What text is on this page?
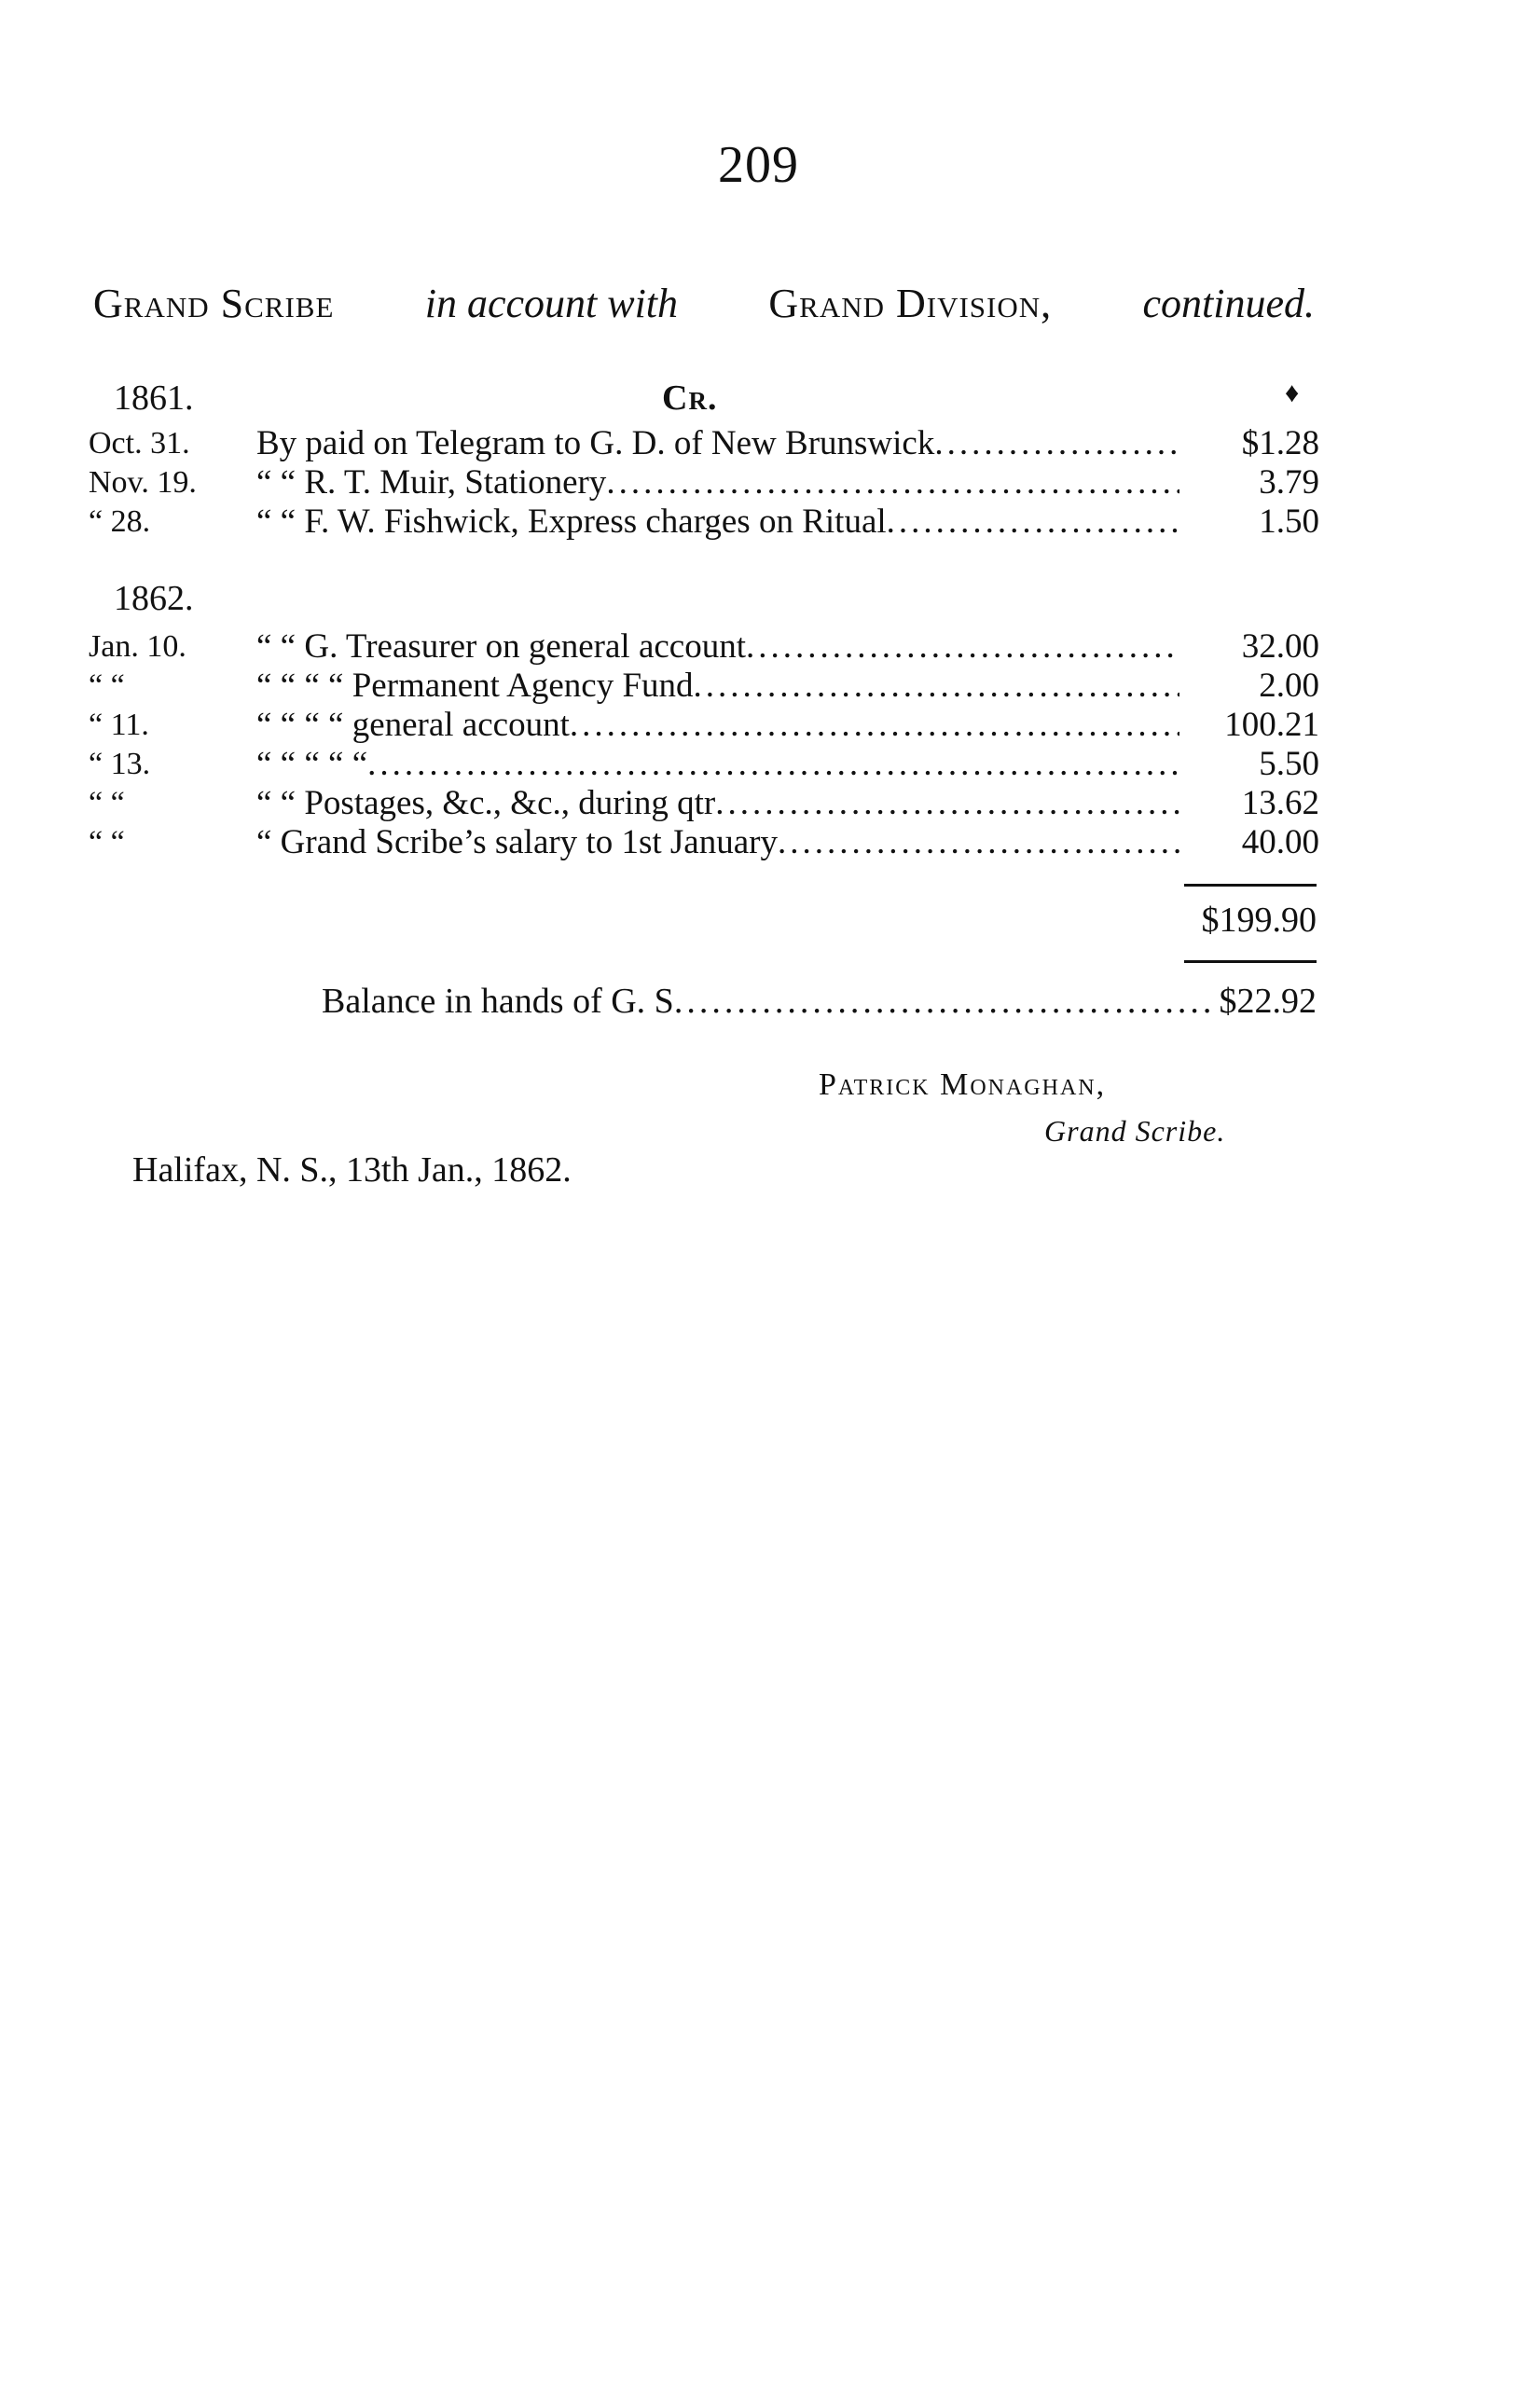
209
Grand Scribe in account with Grand Division, continued.
1861.	Cr.	♦
Oct. 31.	By paid on Telegram to G. D. of New Brunswick .....	$1.28
Nov. 19.	“ “ R. T. Muir, Stationery .....	3.79
“ 28.	“ “ F. W. Fishwick, Express charges on Ritual .....	1.50
1862.
Jan. 10.	“ “ G. Treasurer on general account .....	32.00
“ “	“ “ “ “ Permanent Agency Fund .....	2.00
“ 11.	“ “ “ “ general account .....	100.21
“ 13.	“ “ “ “ “ .....	5.50
“ “	“ “ Postages, &c., &c., during qtr .....	13.62
“ “	“ Grand Scribe’s salary to 1st January .....	40.00
$199.90
Balance in hands of G. S .....	$22.92
Patrick Monaghan,
Grand Scribe.
Halifax, N. S., 13th Jan., 1862.
